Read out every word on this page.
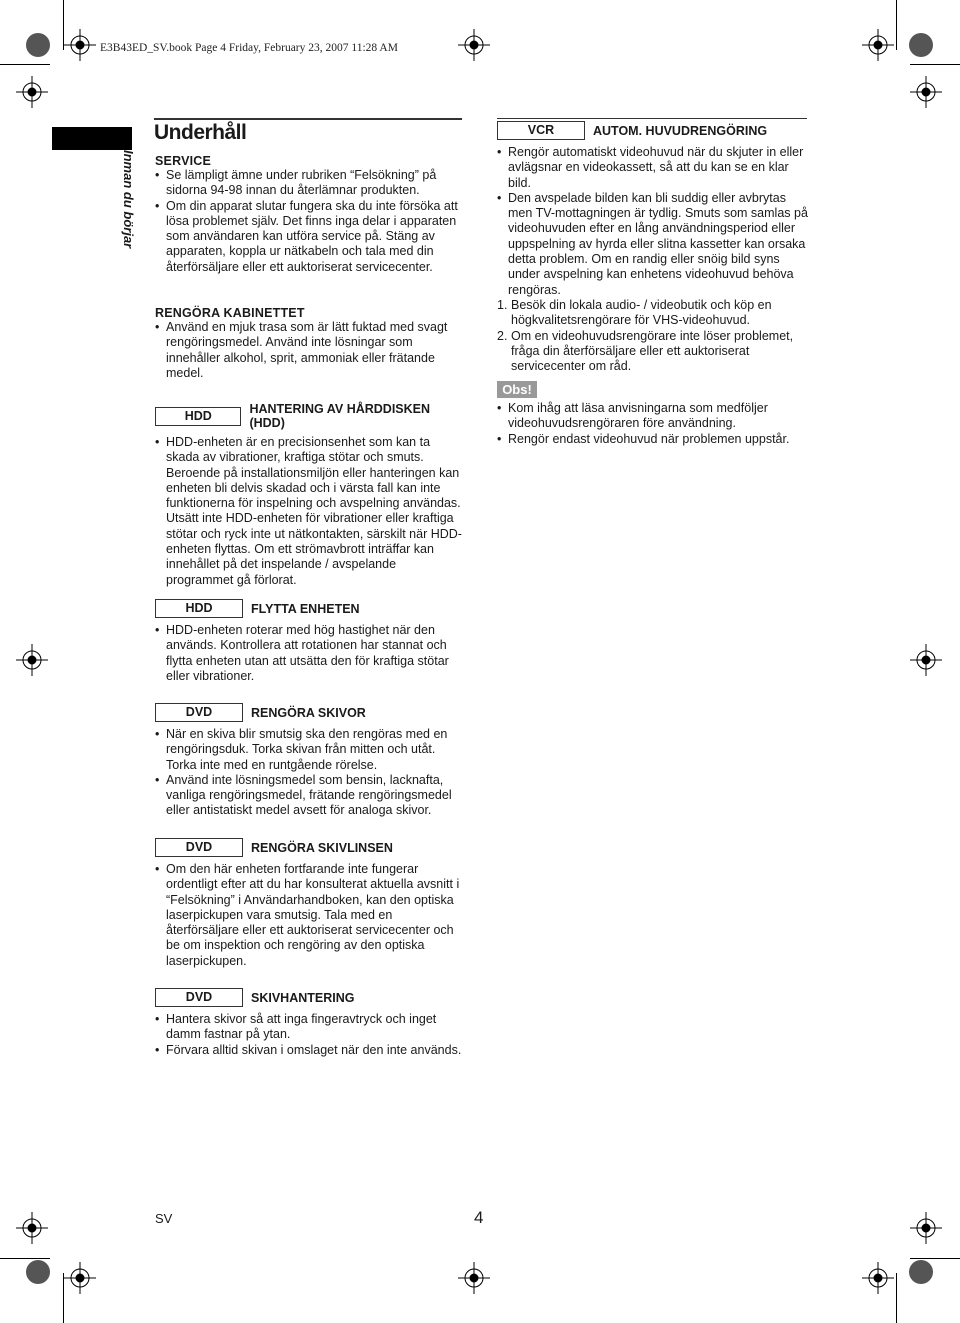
E3B43ED_SV.book Page 4 Friday, February 23, 2007 11:28 AM
Inman du börjar
Underhåll
SERVICE
• Se lämpligt ämne under rubriken “Felsökning” på sidorna 94-98 innan du återlämnar produkten.
• Om din apparat slutar fungera ska du inte försöka att lösa problemet själv. Det finns inga delar i apparaten som användaren kan utföra service på. Stäng av apparaten, koppla ur nätkabeln och tala med din återförsäljare eller ett auktoriserat servicecenter.
RENGÖRA KABINETTET
• Använd en mjuk trasa som är lätt fuktad med svagt rengöringsmedel. Använd inte lösningar som innehåller alkohol, sprit, ammoniak eller frätande medel.
HDD	HANTERING AV HÅRDDISKEN (HDD)
• HDD-enheten är en precisionsenhet som kan ta skada av vibrationer, kraftiga stötar och smuts. Beroende på installationsmiljön eller hanteringen kan enheten bli delvis skadad och i värsta fall kan inte funktionerna för inspelning och avspelning användas. Utsätt inte HDD-enheten för vibrationer eller kraftiga stötar och ryck inte ut nätkontakten, särskilt när HDD-enheten flyttas. Om ett strömavbrott inträffar kan innehållet på det inspelande / avspelande programmet gå förlorat.
HDD	FLYTTA ENHETEN
• HDD-enheten roterar med hög hastighet när den används. Kontrollera att rotationen har stannat och flytta enheten utan att utsätta den för kraftiga stötar eller vibrationer.
DVD	RENGÖRA SKIVOR
• När en skiva blir smutsig ska den rengöras med en rengöringsduk. Torka skivan från mitten och utåt. Torka inte med en runtgående rörelse.
• Använd inte lösningsmedel som bensin, lacknafta, vanliga rengöringsmedel, frätande rengöringsmedel eller antistatiskt medel avsett för analoga skivor.
DVD	RENGÖRA SKIVLINSEN
• Om den här enheten fortfarande inte fungerar ordentligt efter att du har konsulterat aktuella avsnitt i “Felsökning” i Användarhandboken, kan den optiska laserpickupen vara smutsig. Tala med en återförsäljare eller ett auktoriserat servicecenter och be om inspektion och rengöring av den optiska laserpickupen.
DVD	SKIVHANTERING
• Hantera skivor så att inga fingeravtryck och inget damm fastnar på ytan.
• Förvara alltid skivan i omslaget när den inte används.
VCR	AUTOM. HUVUDRENGÖRING
• Rengör automatiskt videohuvud när du skjuter in eller avlägsnar en videokassett, så att du kan se en klar bild.
• Den avspelade bilden kan bli suddig eller avbrytas men TV-mottagningen är tydlig. Smuts som samlas på videohuvuden efter en lång användningsperiod eller uppspelning av hyrda eller slitna kassetter kan orsaka detta problem. Om en randig eller snöig bild syns under avspelning kan enhetens videohuvud behöva rengöras.
1. Besök din lokala audio- / videobutik och köp en högkvalitetsrengörare för VHS-videohuvud.
2. Om en videohuvudsrengörare inte löser problemet, fråga din återförsäljare eller ett auktoriserat servicecenter om råd.
Obs!
• Kom ihåg att läsa anvisningarna som medföljer videohuvudsrengöraren före användning.
• Rengör endast videohuvud när problemen uppstår.
SV	4
